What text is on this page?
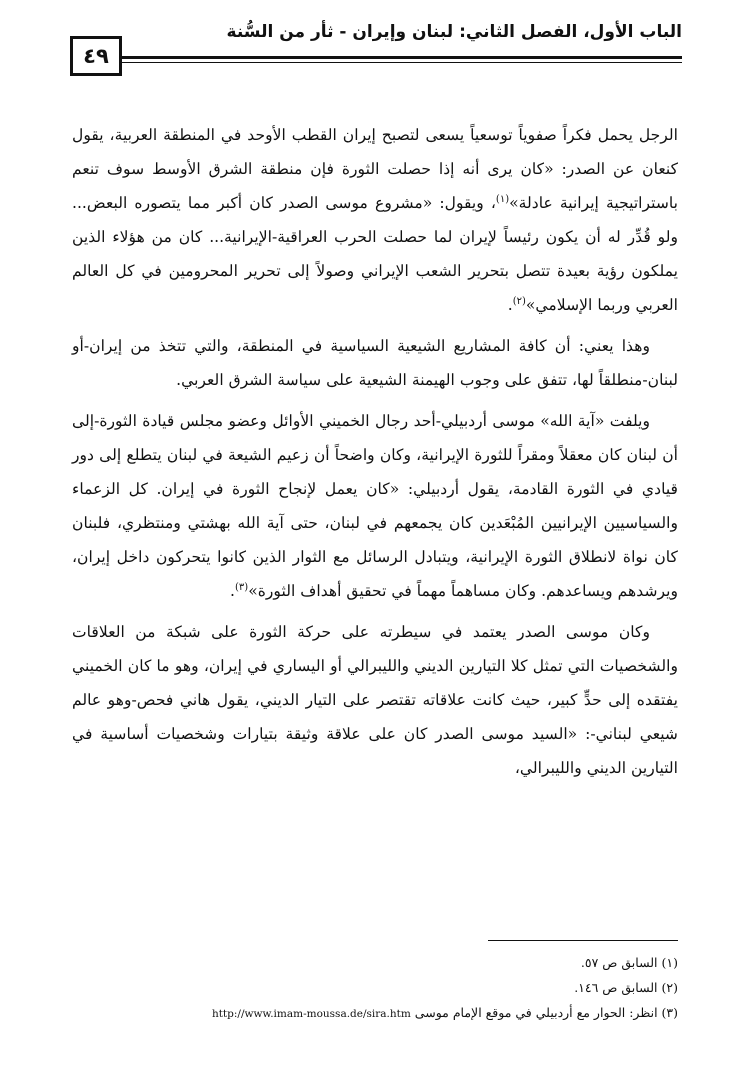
الباب الأول، الفصل الثاني: لبنان وإيران - ثأر من السُّنة
٤٩

الرجل يحمل فكراً صفوياً توسعياً يسعى لتصبح إيران القطب الأوحد في المنطقة العربية، يقول كنعان عن الصدر: «كان يرى أنه إذا حصلت الثورة فإن منطقة الشرق الأوسط سوف تنعم باستراتيجية إيرانية عادلة»$^{(١)}$، ويقول: «مشروع موسى الصدر كان أكبر مما يتصوره البعض... ولو قُدِّر له أن يكون رئيساً لإيران لما حصلت الحرب العراقية-الإيرانية... كان من هؤلاء الذين يملكون رؤية بعيدة تتصل بتحرير الشعب الإيراني وصولاً إلى تحرير المحرومين في كل العالم العربي وربما الإسلامي»$^{(٢)}$.

وهذا يعني: أن كافة المشاريع الشيعية السياسية في المنطقة، والتي تتخذ من إيران-أو لبنان-منطلقاً لها، تتفق على وجوب الهيمنة الشيعية على سياسة الشرق العربي.

ويلفت «آية الله» موسى أردبيلي-أحد رجال الخميني الأوائل وعضو مجلس قيادة الثورة-إلى أن لبنان كان معقلاً ومقراً للثورة الإيرانية، وكان واضحاً أن زعيم الشيعة في لبنان يتطلع إلى دور قيادي في الثورة القادمة، يقول أردبيلي: «كان يعمل لإنجاح الثورة في إيران. كل الزعماء والسياسيين الإيرانيين المُبْعَدين كان يجمعهم في لبنان، حتى آية الله بهشتي ومنتظري، فلبنان كان نواة لانطلاق الثورة الإيرانية، ويتبادل الرسائل مع الثوار الذين كانوا يتحركون داخل إيران، ويرشدهم ويساعدهم. وكان مساهماً مهماً في تحقيق أهداف الثورة»$^{(٣)}$.

وكان موسى الصدر يعتمد في سيطرته على حركة الثورة على شبكة من العلاقات والشخصيات التي تمثل كلا التيارين الديني والليبرالي أو اليساري في إيران، وهو ما كان الخميني يفتقده إلى حدٍّ كبير، حيث كانت علاقاته تقتصر على التيار الديني، يقول هاني فحص-وهو عالم شيعي لبناني-: «السيد موسى الصدر كان على علاقة وثيقة بتيارات وشخصيات أساسية في التيارين الديني والليبرالي،

(١) السابق ص ٥٧.
(٢) السابق ص ١٤٦.
(٣) انظر: الحوار مع أردبيلي في موقع الإمام موسى http://www.imam-moussa.de/sira.htm
